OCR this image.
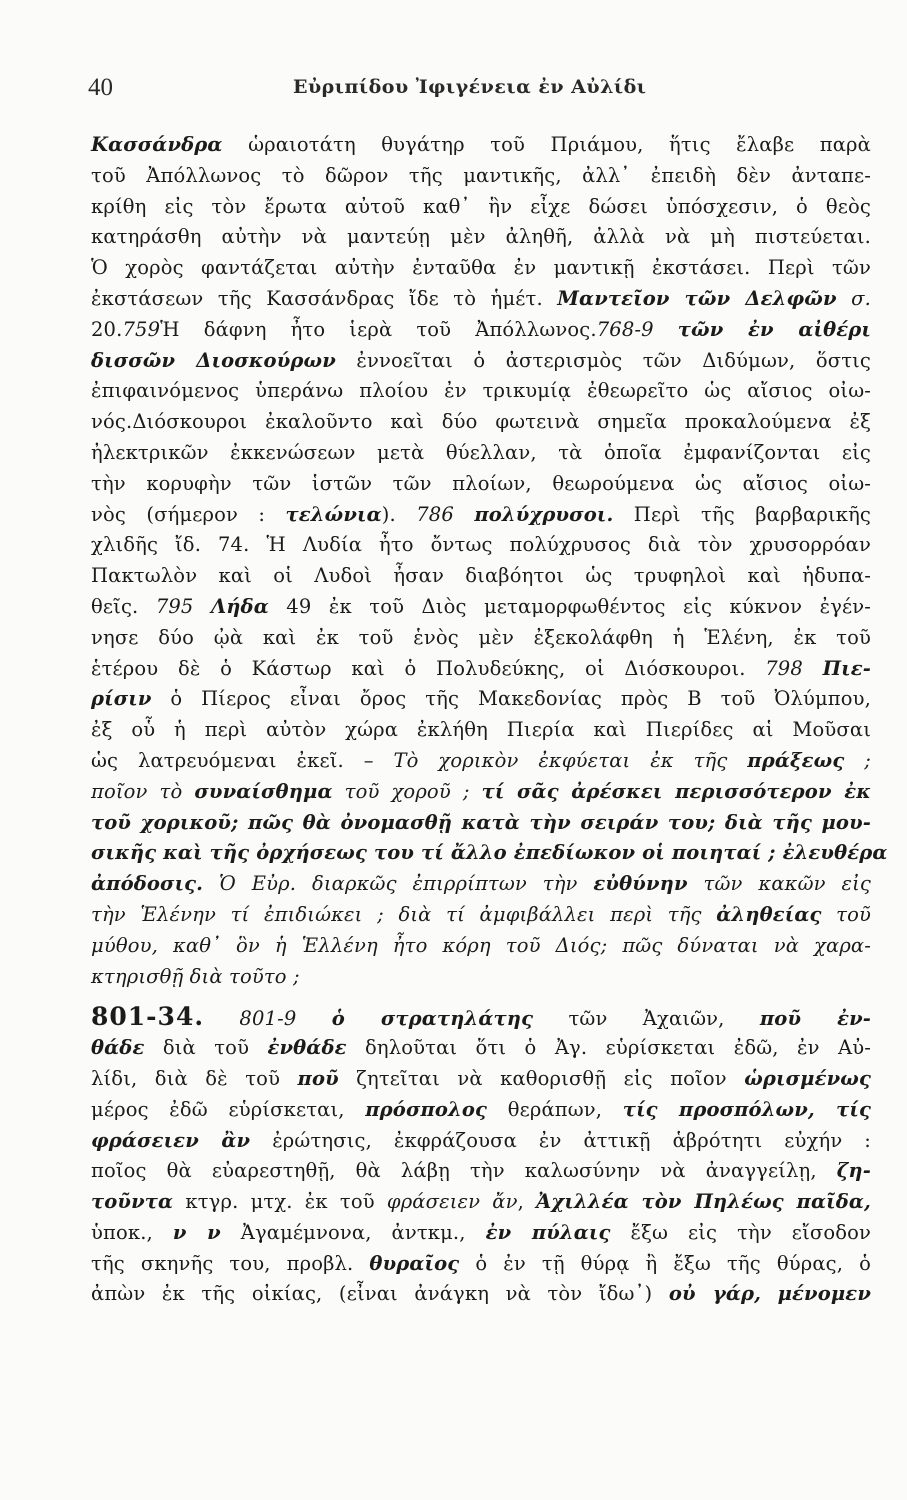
40	Εὐριπίδου Ἰφιγένεια ἐν Αὐλίδι
Κασσάνδρα ὡραιοτάτη θυγάτηρ τοῦ Πριάμου, ἥτις ἔλαβε παρὰ
τοῦ Ἀπόλλωνος τὸ δῶρον τῆς μαντικῆς, ἀλλ᾽ ἐπειδὴ δὲν ἀνταπε-
κρίθη εἰς τὸν ἔρωτα αὐτοῦ καθ᾽ ἣν εἶχε δώσει ὑπόσχεσιν, ὁ θεὸς
κατηράσθη αὐτὴν νὰ μαντεύῃ μὲν ἀληθῆ, ἀλλὰ νὰ μὴ πιστεύεται.
Ὁ χορὸς φαντάζεται αὐτὴν ἐνταῦθα ἐν μαντικῇ ἐκστάσει. Περὶ τῶν
ἐκστάσεων τῆς Κασσάνδρας ἴδε τὸ ἡμέτ. Μαντεῖον τῶν Δελφῶν σ.
20.759Ἡ δάφνη ἦτο ἱερὰ τοῦ Ἀπόλλωνος.768-9 τῶν ἐν αἰθέρι
δισσῶν Διοσκούρων ἐννοεῖται ὁ ἀστερισμὸς τῶν Διδύμων, ὅστις
ἐπιφαινόμενος ὑπεράνω πλοίου ἐν τρικυμίᾳ ἐθεωρεῖτο ὡς αἴσιος οἰω-
νός.Διόσκουροι ἐκαλοῦντο καὶ δύο φωτεινὰ σημεῖα προκαλούμενα ἐξ
ἠλεκτρικῶν ἐκκενώσεων μετὰ θύελλαν, τὰ ὁποῖα ἐμφανίζονται εἰς
τὴν κορυφὴν τῶν ἱστῶν τῶν πλοίων, θεωρούμενα ὡς αἴσιος οἰω-
νὸς (σήμερον : τελώνια). 786 πολύχρυσοι. Περὶ τῆς βαρβαρικῆς
χλιδῆς ἴδ. 74. Ἡ Λυδία ἦτο ὄντως πολύχρυσος διὰ τὸν χρυσορρόαν
Πακτωλὸν καὶ οἱ Λυδοὶ ἦσαν διαβόητοι ὡς τρυφηλοὶ καὶ ἡδυπα-
θεῖς. 795 Λήδα 49 ἐκ τοῦ Διὸς μεταμορφωθέντος εἰς κύκνον ἐγέν-
νησε δύο ᾠὰ καὶ ἐκ τοῦ ἑνὸς μὲν ἐξεκολάφθη ἡ Ἑλένη, ἐκ τοῦ
ἑτέρου δὲ ὁ Κάστωρ καὶ ὁ Πολυδεύκης, οἱ Διόσκουροι. 798 Πιε-
ρίσιν ὁ Πίερος εἶναι ὄρος τῆς Μακεδονίας πρὸς Β τοῦ Ὀλύμπου,
ἐξ οὗ ἡ περὶ αὐτὸν χώρα ἐκλήθη Πιερία καὶ Πιερίδες αἱ Μοῦσαι
ὡς λατρευόμεναι ἐκεῖ. – Τὸ χορικὸν ἐκφύεται ἐκ τῆς πράξεως ;
ποῖον τὸ συναίσθημα τοῦ χοροῦ ; τί σᾶς ἀρέσκει περισσότερον ἐκ
τοῦ χορικοῦ; πῶς θὰ ὀνομασθῇ κατὰ τὴν σειράν του; διὰ τῆς μου-
σικῆς καὶ τῆς ὀρχήσεως του τί ἄλλο ἐπεδίωκον οἱ ποιηταί ; ἐλευθέρα
ἀπόδοσις. Ὁ Εὐρ. διαρκῶς ἐπιρρίπτων τὴν εὐθύνην τῶν κακῶν εἰς
τὴν Ἑλένην τί ἐπιδιώκει ; διὰ τί ἀμφιβάλλει περὶ τῆς ἀληθείας τοῦ
μύθου, καθ᾽ ὃν ἡ Ἑλλένη ἦτο κόρη τοῦ Διός; πῶς δύναται νὰ χαρα-
κτηρισθῇ διὰ τοῦτο ;
801-34. 801-9 ὁ στρατηλάτης τῶν Ἀχαιῶν, ποῦ ἐν-
θάδε διὰ τοῦ ἐνθάδε δηλοῦται ὅτι ὁ Ἀγ. εὑρίσκεται ἐδῶ, ἐν Αὐ-
λίδι, διὰ δὲ τοῦ ποῦ ζητεῖται νὰ καθορισθῇ εἰς ποῖον ὡρισμένως
μέρος ἐδῶ εὑρίσκεται, πρόσπολος θεράπων, τίς προσπόλων, τίς
φράσειεν ἂν ἐρώτησις, ἐκφράζουσα ἐν ἀττικῇ ἁβρότητι εὐχήν :
ποῖος θὰ εὐαρεστηθῇ, θὰ λάβῃ τὴν καλωσύνην νὰ ἀναγγείλῃ, ζη-
τοῦντα κτγρ. μτχ. ἐκ τοῦ φράσειεν ἄν, Ἀχιλλέα τὸν Πηλέως παῖδα,
ὑποκ., ν ν Ἀγαμέμνονα, ἀντκμ., ἐν πύλαις ἔξω εἰς τὴν εἴσοδον
τῆς σκηνῆς του, προβλ. θυραῖος ὁ ἐν τῇ θύρᾳ ἢ ἔξω τῆς θύρας, ὁ
ἀπὼν ἐκ τῆς οἰκίας, (εἶναι ἀνάγκη νὰ τὸν ἴδω᾽) οὐ γάρ, μένομεν
